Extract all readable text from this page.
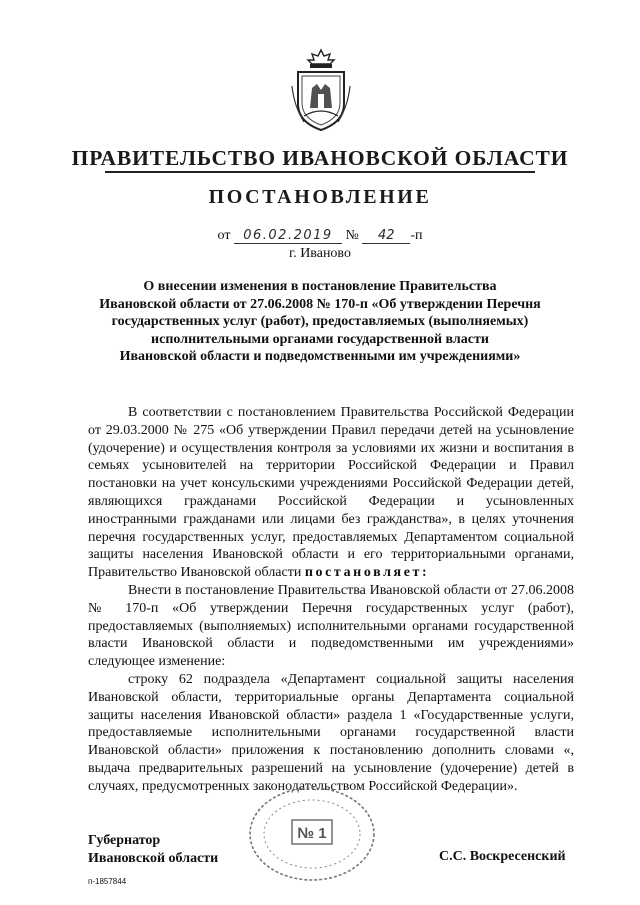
ПРАВИТЕЛЬСТВО ИВАНОВСКОЙ ОБЛАСТИ
ПОСТАНОВЛЕНИЕ
от 06.02.2019 № 42 -п
г. Иваново
О внесении изменения в постановление Правительства
Ивановской области от 27.06.2008 № 170-п «Об утверждении Перечня
государственных услуг (работ), предоставляемых (выполняемых)
исполнительными органами государственной власти
Ивановской области и подведомственными им учреждениями»

В соответствии с постановлением Правительства Российской Федерации от 29.03.2000 № 275 «Об утверждении Правил передачи детей на усыновление (удочерение) и осуществления контроля за условиями их жизни и воспитания в семьях усыновителей на территории Российской Федерации и Правил постановки на учет консульскими учреждениями Российской Федерации детей, являющихся гражданами Российской Федерации и усыновленных иностранными гражданами или лицами без гражданства», в целях уточнения перечня государственных услуг, предоставляемых Департаментом социальной защиты населения Ивановской области и его территориальными органами, Правительство Ивановской области постановляет:

Внести в постановление Правительства Ивановской области от 27.06.2008 № 170-п «Об утверждении Перечня государственных услуг (работ), предоставляемых (выполняемых) исполнительными органами государственной власти Ивановской области и подведомственными им учреждениями» следующее изменение:

строку 62 подраздела «Департамент социальной защиты населения Ивановской области, территориальные органы Департамента социальной защиты населения Ивановской области» раздела 1 «Государственные услуги, предоставляемые исполнительными органами государственной власти Ивановской области» приложения к постановлению дополнить словами «, выдача предварительных разрешений на усыновление (удочерение) детей в случаях, предусмотренных законодательством Российской Федерации».

№ 1
Губернатор
Ивановской области	С.С. Воскресенский
п-1857844
